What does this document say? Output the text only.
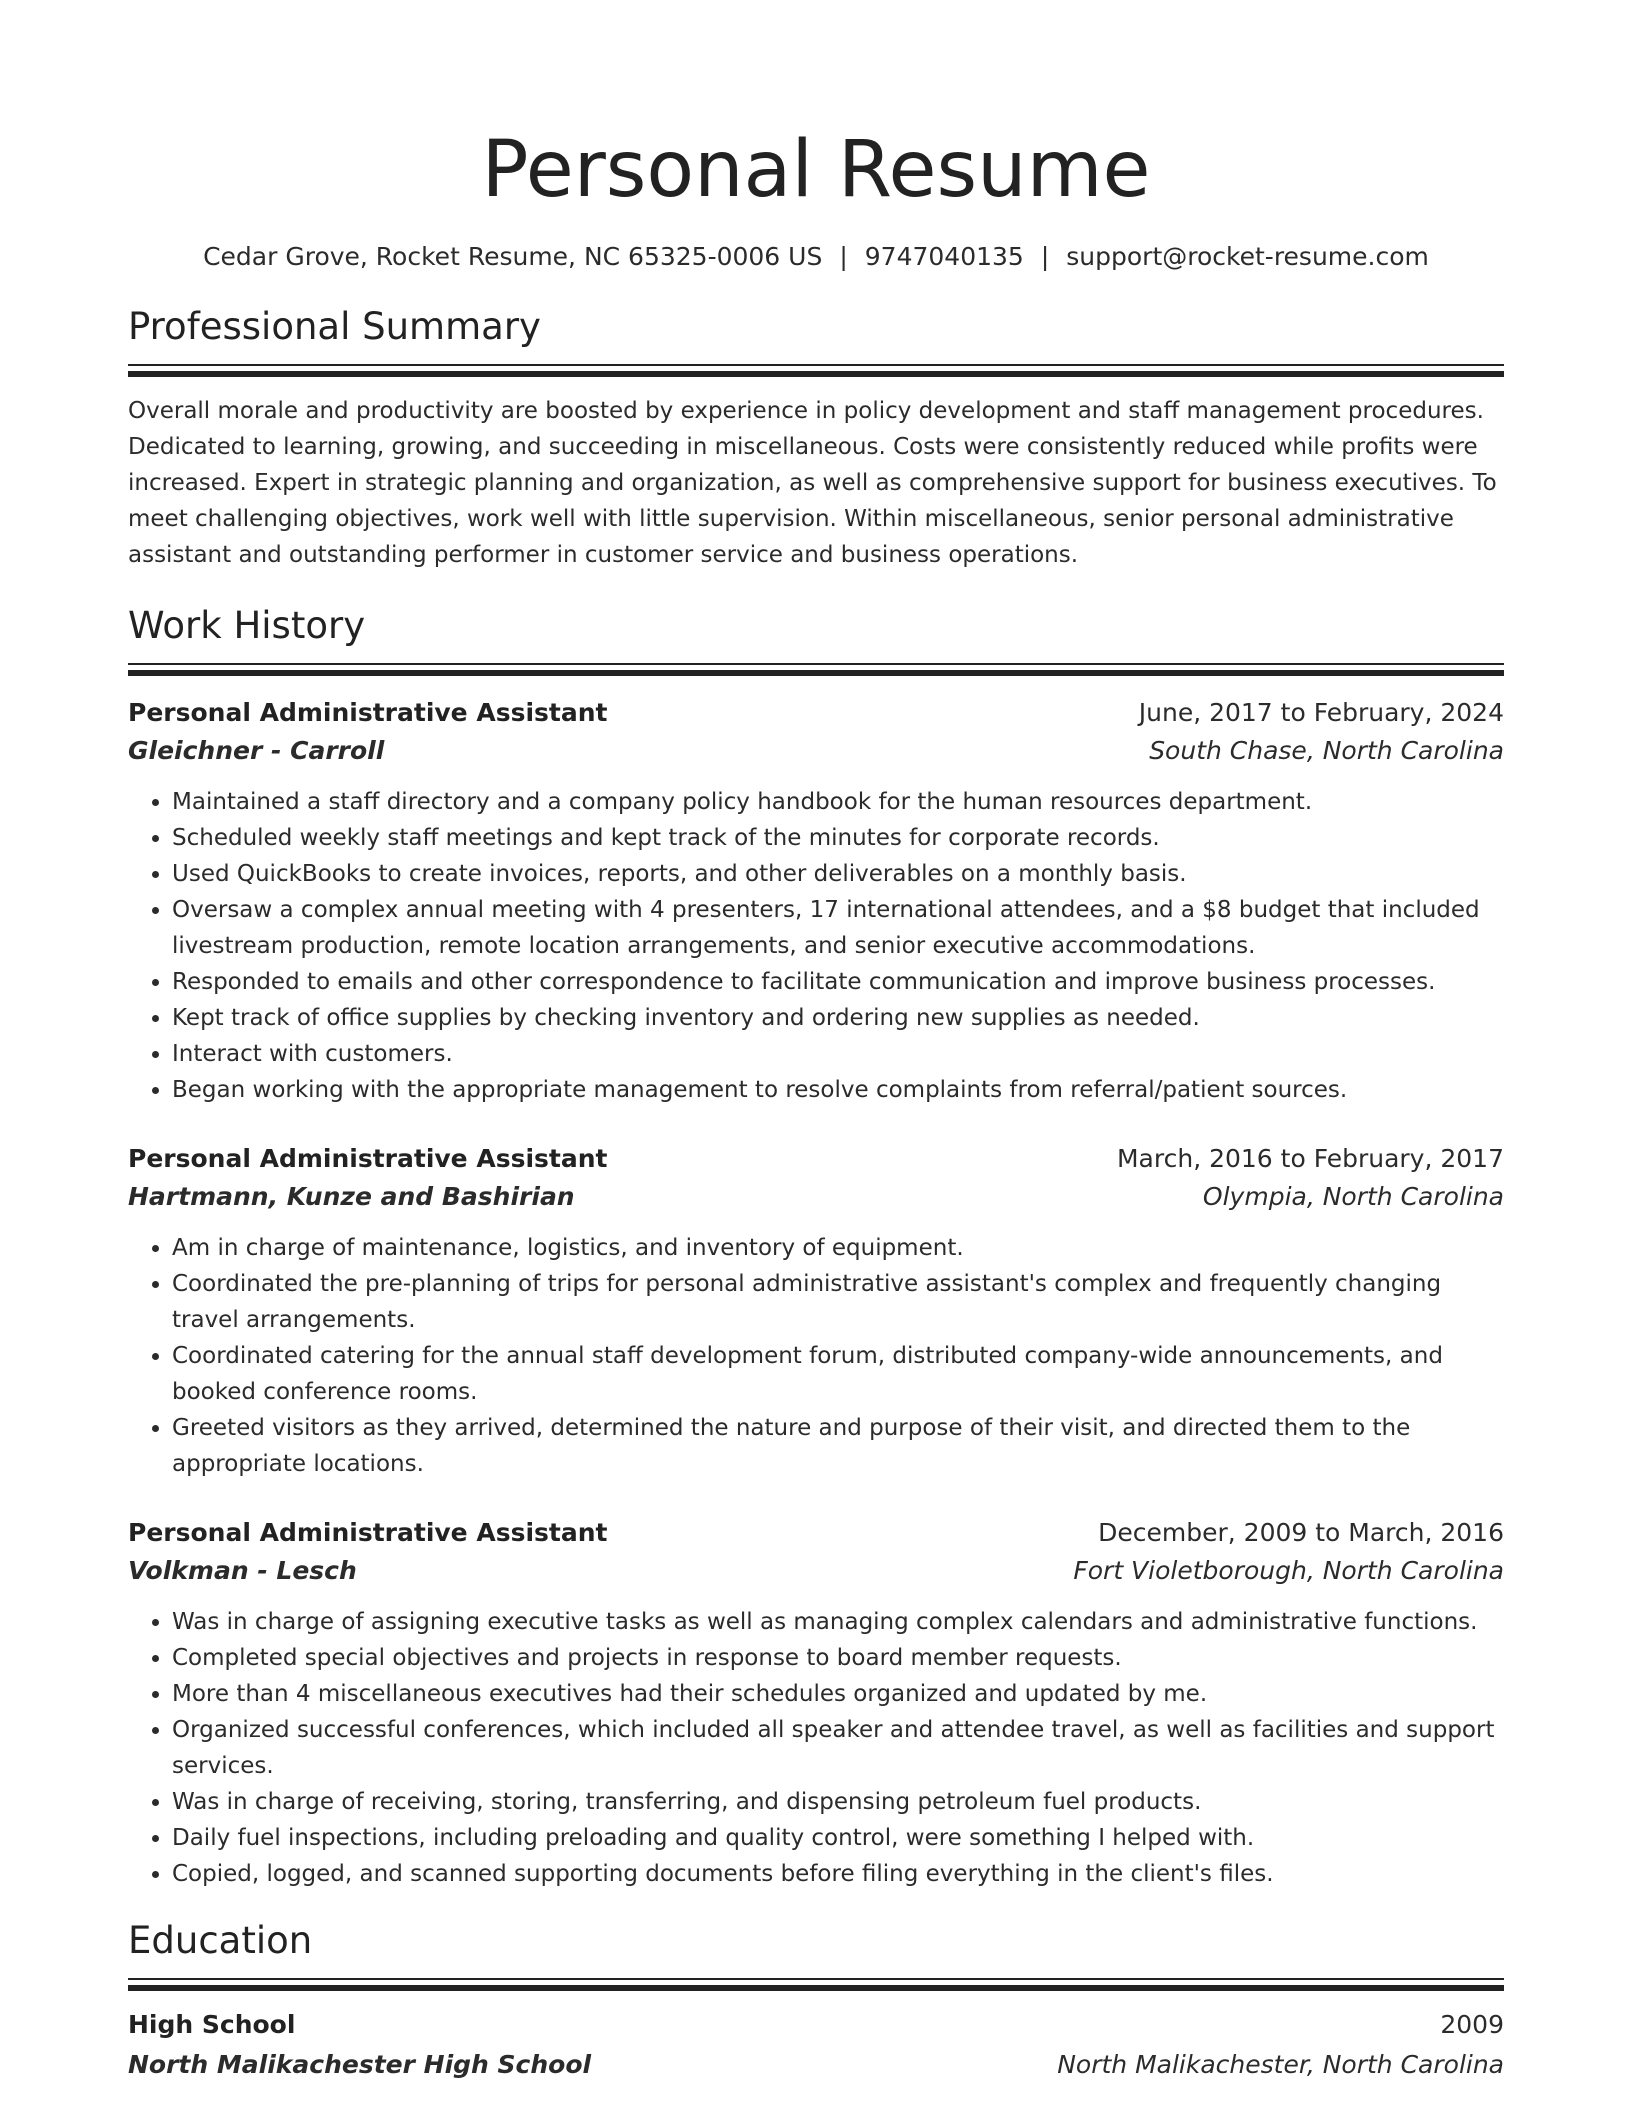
Personal Resume
Cedar Grove, Rocket Resume, NC 65325-0006 US | 9747040135 | support@rocket-resume.com
Professional Summary

Overall morale and productivity are boosted by experience in policy development and staff management procedures. Dedicated to learning, growing, and succeeding in miscellaneous. Costs were consistently reduced while profits were increased. Expert in strategic planning and organization, as well as comprehensive support for business executives. To meet challenging objectives, work well with little supervision. Within miscellaneous, senior personal administrative assistant and outstanding performer in customer service and business operations.

Work History
Personal Administrative Assistant	June, 2017 to February, 2024
Gleichner - Carroll	South Chase, North Carolina
• Maintained a staff directory and a company policy handbook for the human resources department.
• Scheduled weekly staff meetings and kept track of the minutes for corporate records.
• Used QuickBooks to create invoices, reports, and other deliverables on a monthly basis.
• Oversaw a complex annual meeting with 4 presenters, 17 international attendees, and a $8 budget that included livestream production, remote location arrangements, and senior executive accommodations.
• Responded to emails and other correspondence to facilitate communication and improve business processes.
• Kept track of office supplies by checking inventory and ordering new supplies as needed.
• Interact with customers.
• Began working with the appropriate management to resolve complaints from referral/patient sources.
Personal Administrative Assistant	March, 2016 to February, 2017
Hartmann, Kunze and Bashirian	Olympia, North Carolina
• Am in charge of maintenance, logistics, and inventory of equipment.
• Coordinated the pre-planning of trips for personal administrative assistant's complex and frequently changing travel arrangements.
• Coordinated catering for the annual staff development forum, distributed company-wide announcements, and booked conference rooms.
• Greeted visitors as they arrived, determined the nature and purpose of their visit, and directed them to the appropriate locations.
Personal Administrative Assistant	December, 2009 to March, 2016
Volkman - Lesch	Fort Violetborough, North Carolina
• Was in charge of assigning executive tasks as well as managing complex calendars and administrative functions.
• Completed special objectives and projects in response to board member requests.
• More than 4 miscellaneous executives had their schedules organized and updated by me.
• Organized successful conferences, which included all speaker and attendee travel, as well as facilities and support services.
• Was in charge of receiving, storing, transferring, and dispensing petroleum fuel products.
• Daily fuel inspections, including preloading and quality control, were something I helped with.
• Copied, logged, and scanned supporting documents before filing everything in the client's files.
Education
High School	2009
North Malikachester High School	North Malikachester, North Carolina
